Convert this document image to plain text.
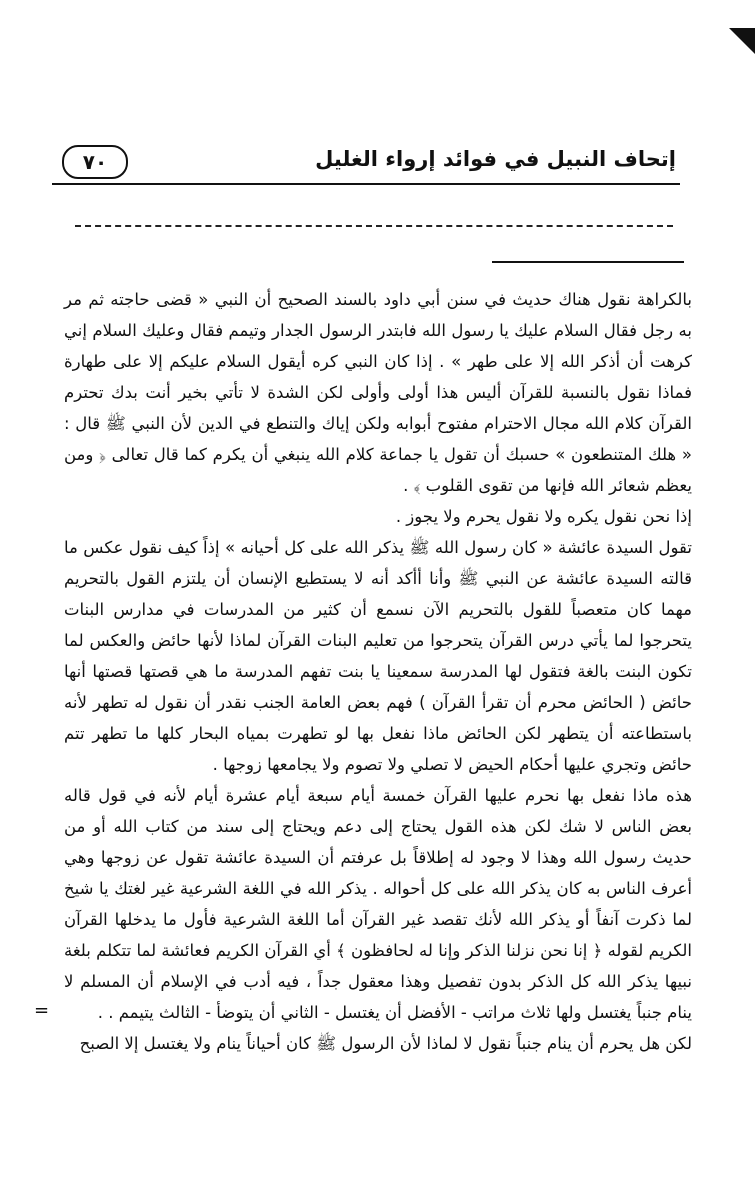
٧٠	إتحاف النبيل في فوائد إرواء الغليل

بالكراهة نقول هناك حديث في سنن أبي داود بالسند الصحيح أن النبي « قضى حاجته ثم مر به رجل فقال السلام عليك يا رسول الله فابتدر الرسول الجدار وتيمم فقال وعليك السلام إني كرهت أن أذكر الله إلا على طهر » . إذا كان النبي كره أيقول السلام عليكم إلا على طهارة فماذا نقول بالنسبة للقرآن أليس هذا أولى وأولى لكن الشدة لا تأتي بخير أنت بدك تحترم القرآن كلام الله مجال الاحترام مفتوح أبوابه ولكن إياك والتنطع في الدين لأن النبي ﷺ قال : « هلك المتنطعون » حسبك أن تقول يا جماعة كلام الله ينبغي أن يكرم كما قال تعالى ﴿ ومن يعظم شعائر الله فإنها من تقوى القلوب ﴾ .

إذا نحن نقول يكره ولا نقول يحرم ولا يجوز .

تقول السيدة عائشة « كان رسول الله ﷺ يذكر الله على كل أحيانه » إذاً كيف نقول عكس ما قالته السيدة عائشة عن النبي ﷺ وأنا أأكد أنه لا يستطيع الإنسان أن يلتزم القول بالتحريم مهما كان متعصباً للقول بالتحريم الآن نسمع أن كثير من المدرسات في مدارس البنات يتحرجوا لما يأتي درس القرآن يتحرجوا من تعليم البنات القرآن لماذا لأنها حائض والعكس لما تكون البنت بالغة فتقول لها المدرسة سمعينا يا بنت تفهم المدرسة ما هي قصتها قصتها أنها حائض ( الحائض محرم أن تقرأ القرآن ) فهم بعض العامة الجنب نقدر أن نقول له تطهر لأنه باستطاعته أن يتطهر لكن الحائض ماذا نفعل بها لو تطهرت بمياه البحار كلها ما تطهر تتم حائض وتجري عليها أحكام الحيض لا تصلي ولا تصوم ولا يجامعها زوجها .

هذه ماذا نفعل بها نحرم عليها القرآن خمسة أيام سبعة أيام عشرة أيام لأنه في قول قاله بعض الناس لا شك لكن هذه القول يحتاج إلى دعم ويحتاج إلى سند من كتاب الله أو من حديث رسول الله وهذا لا وجود له إطلاقاً بل عرفتم أن السيدة عائشة تقول عن زوجها وهي أعرف الناس به كان يذكر الله على كل أحواله . يذكر الله في اللغة الشرعية غير لغتك يا شيخ لما ذكرت آنفاً أو يذكر الله لأنك تقصد غير القرآن أما اللغة الشرعية فأول ما يدخلها القرآن الكريم لقوله ﴿ إنا نحن نزلنا الذكر وإنا له لحافظون ﴾ أي القرآن الكريم فعائشة لما تتكلم بلغة نبيها يذكر الله كل الذكر بدون تفصيل وهذا معقول جداً ، فيه أدب في الإسلام أن المسلم لا ينام جنباً يغتسل ولها ثلاث مراتب - الأفضل أن يغتسل - الثاني أن يتوضأ - الثالث يتيمم . .

لكن هل يحرم أن ينام جنباً نقول لا لماذا لأن الرسول ﷺ كان أحياناً ينام ولا يغتسل إلا الصبح

=
